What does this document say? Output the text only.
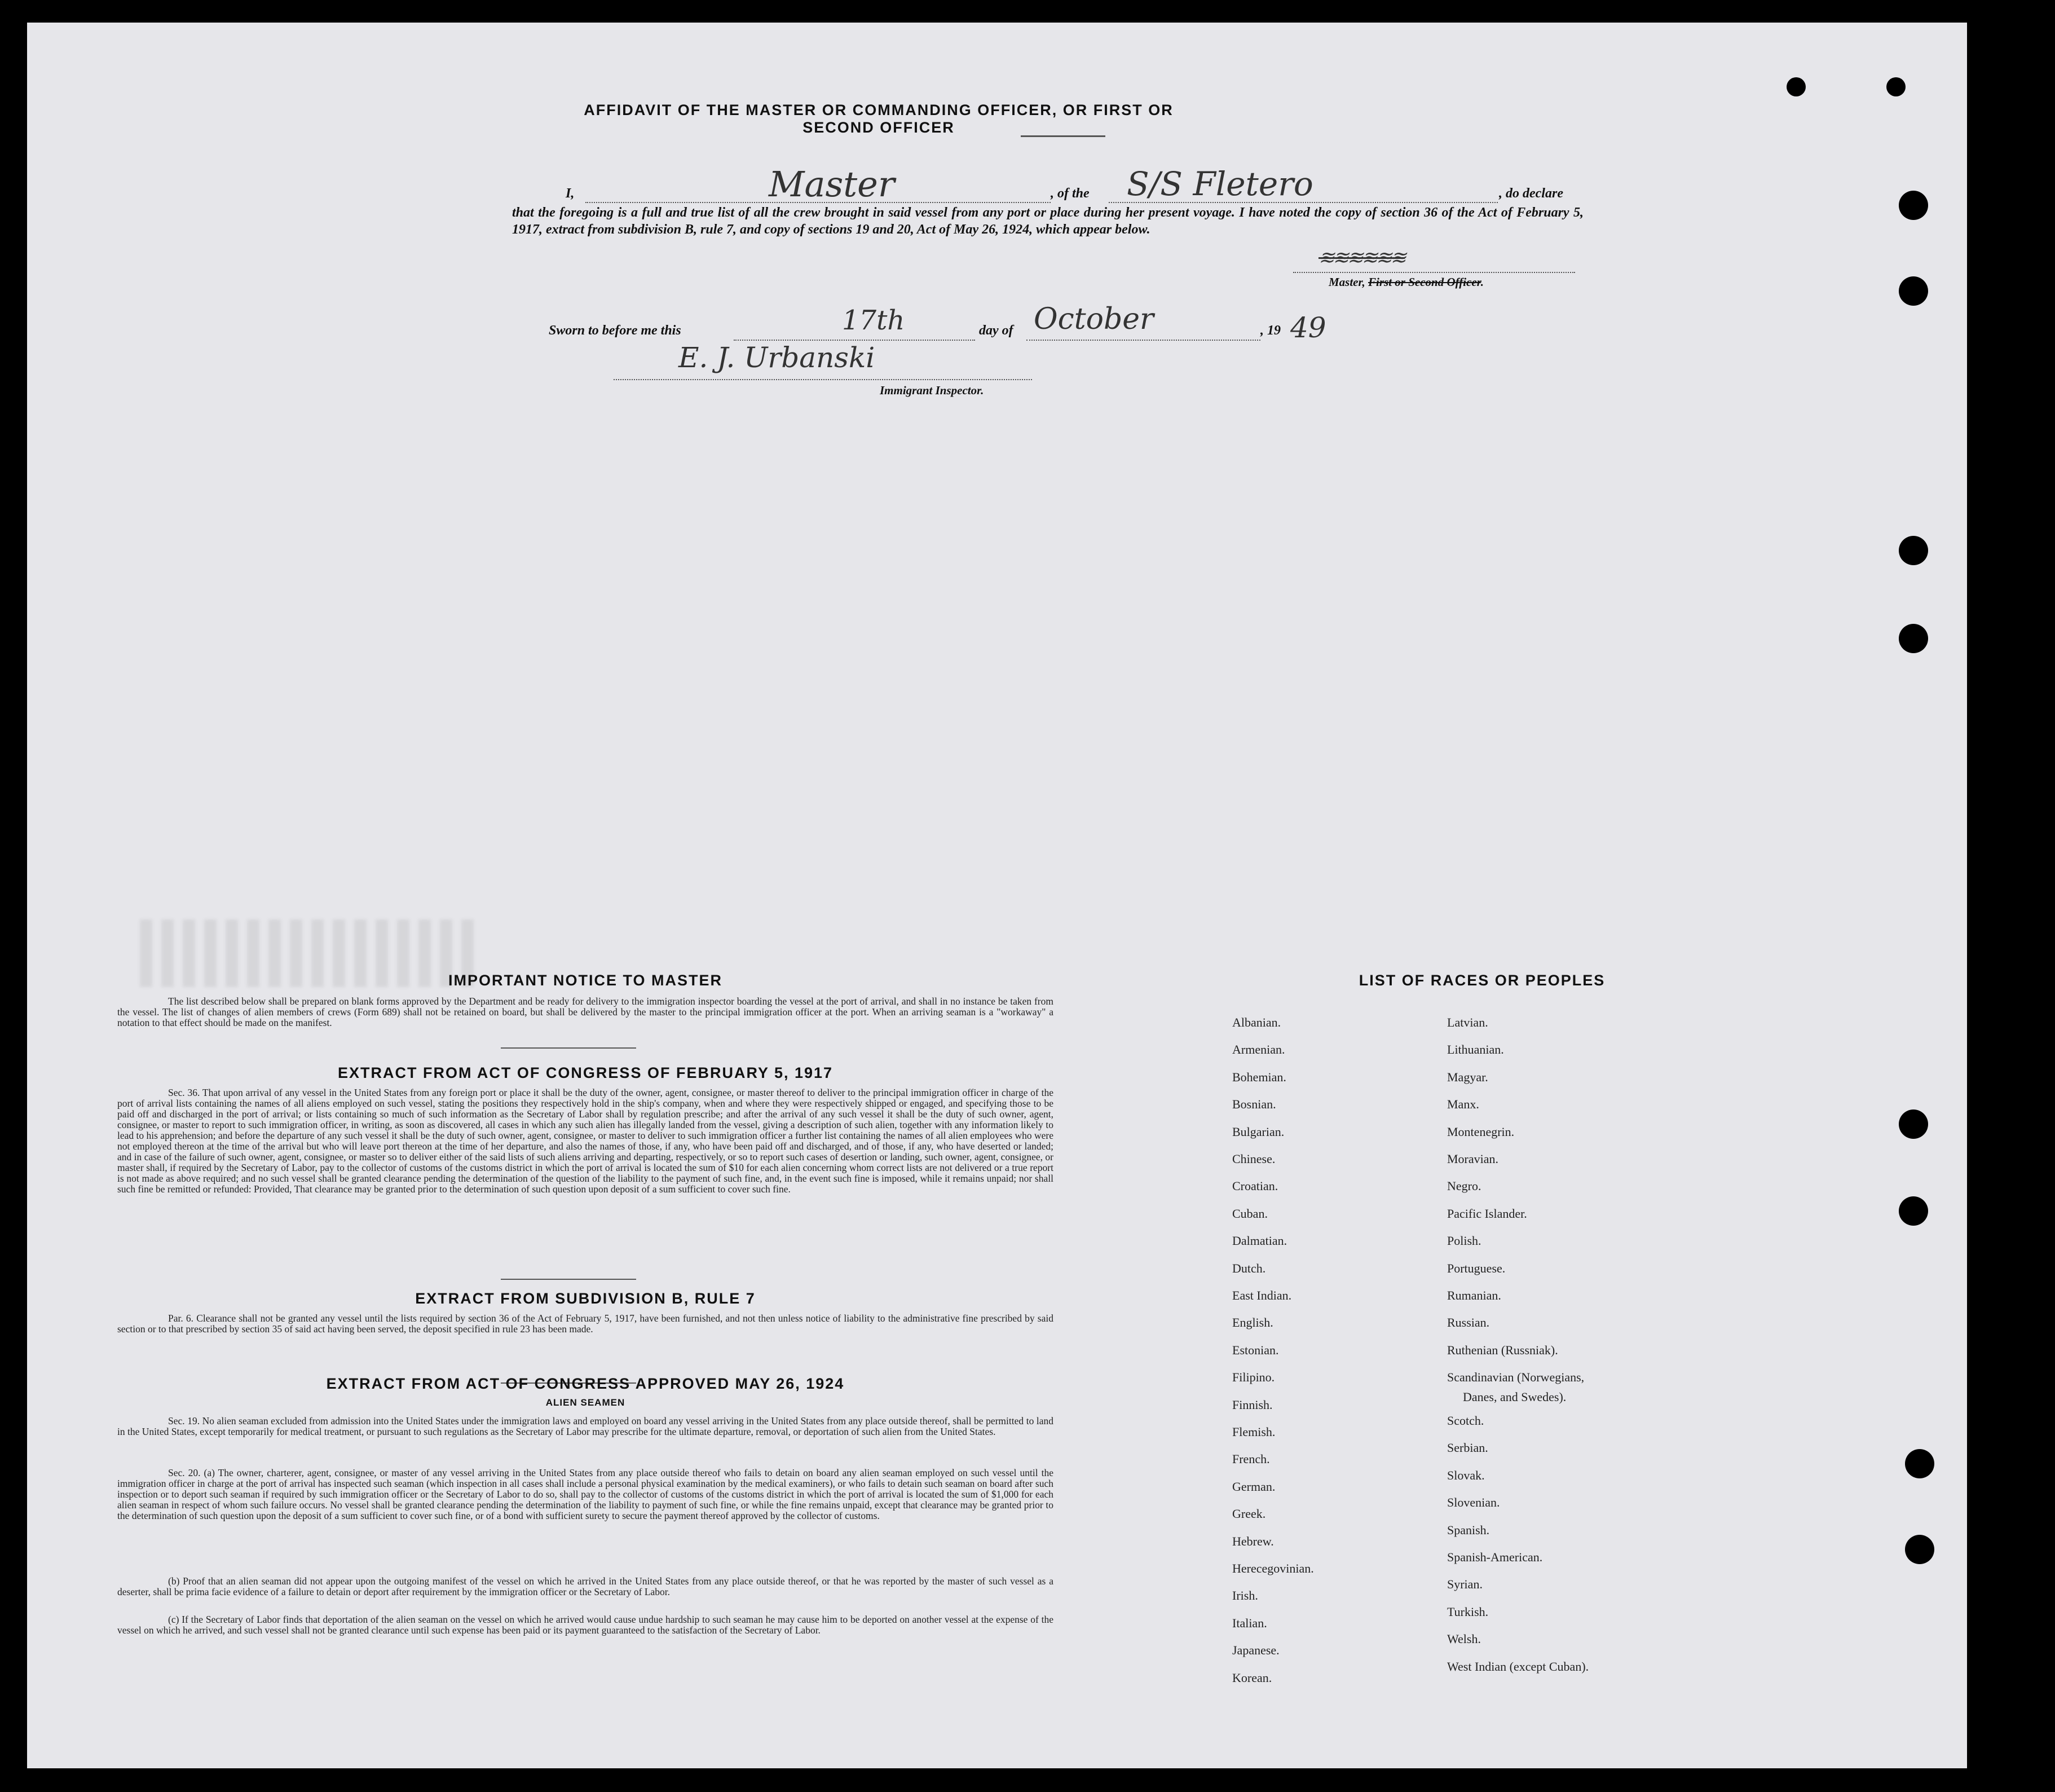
AFFIDAVIT OF THE MASTER OR COMMANDING OFFICER, OR FIRST OR SECOND OFFICER
I,	Master	, of the S/S Fletero	, do declare
that the foregoing is a full and true list of all the crew brought in said vessel from any port or place during her present voyage. I have noted the copy of section 36 of the Act of February 5, 1917, extract from subdivision B, rule 7, and copy of sections 19 and 20, Act of May 26, 1924, which appear below.
≋≋≋≋≋≋
Master, First or Second Officer.
Sworn to before me this	17th	day of October	, 19 49
E. J. Urbanski
Immigrant Inspector.
IMPORTANT NOTICE TO MASTER
The list described below shall be prepared on blank forms approved by the Department and be ready for delivery to the immigration inspector boarding the vessel at the port of arrival, and shall in no instance be taken from the vessel. The list of changes of alien members of crews (Form 689) shall not be retained on board, but shall be delivered by the master to the principal immigration officer at the port. When an arriving seaman is a "workaway" a notation to that effect should be made on the manifest.
EXTRACT FROM ACT OF CONGRESS OF FEBRUARY 5, 1917
Sec. 36. That upon arrival of any vessel in the United States from any foreign port or place it shall be the duty of the owner, agent, consignee, or master thereof to deliver to the principal immigration officer in charge of the port of arrival lists containing the names of all aliens employed on such vessel, stating the positions they respectively hold in the ship's company, when and where they were respectively shipped or engaged, and specifying those to be paid off and discharged in the port of arrival; or lists containing so much of such information as the Secretary of Labor shall by regulation prescribe; and after the arrival of any such vessel it shall be the duty of such owner, agent, consignee, or master to report to such immigration officer, in writing, as soon as discovered, all cases in which any such alien has illegally landed from the vessel, giving a description of such alien, together with any information likely to lead to his apprehension; and before the departure of any such vessel it shall be the duty of such owner, agent, consignee, or master to deliver to such immigration officer a further list containing the names of all alien employees who were not employed thereon at the time of the arrival but who will leave port thereon at the time of her departure, and also the names of those, if any, who have been paid off and discharged, and of those, if any, who have deserted or landed; and in case of the failure of such owner, agent, consignee, or master so to deliver either of the said lists of such aliens arriving and departing, respectively, or so to report such cases of desertion or landing, such owner, agent, consignee, or master shall, if required by the Secretary of Labor, pay to the collector of customs of the customs district in which the port of arrival is located the sum of $10 for each alien concerning whom correct lists are not delivered or a true report is not made as above required; and no such vessel shall be granted clearance pending the determination of the question of the liability to the payment of such fine, and, in the event such fine is imposed, while it remains unpaid; nor shall such fine be remitted or refunded: Provided, That clearance may be granted prior to the determination of such question upon deposit of a sum sufficient to cover such fine.
EXTRACT FROM SUBDIVISION B, RULE 7
Par. 6. Clearance shall not be granted any vessel until the lists required by section 36 of the Act of February 5, 1917, have been furnished, and not then unless notice of liability to the administrative fine prescribed by said section or to that prescribed by section 35 of said act having been served, the deposit specified in rule 23 has been made.
EXTRACT FROM ACT OF CONGRESS APPROVED MAY 26, 1924
ALIEN SEAMEN
Sec. 19. No alien seaman excluded from admission into the United States under the immigration laws and employed on board any vessel arriving in the United States from any place outside thereof, shall be permitted to land in the United States, except temporarily for medical treatment, or pursuant to such regulations as the Secretary of Labor may prescribe for the ultimate departure, removal, or deportation of such alien from the United States.
Sec. 20. (a) The owner, charterer, agent, consignee, or master of any vessel arriving in the United States from any place outside thereof who fails to detain on board any alien seaman employed on such vessel until the immigration officer in charge at the port of arrival has inspected such seaman (which inspection in all cases shall include a personal physical examination by the medical examiners), or who fails to detain such seaman on board after such inspection or to deport such seaman if required by such immigration officer or the Secretary of Labor to do so, shall pay to the collector of customs of the customs district in which the port of arrival is located the sum of $1,000 for each alien seaman in respect of whom such failure occurs. No vessel shall be granted clearance pending the determination of the liability to payment of such fine, or while the fine remains unpaid, except that clearance may be granted prior to the determination of such question upon the deposit of a sum sufficient to cover such fine, or of a bond with sufficient surety to secure the payment thereof approved by the collector of customs.
(b) Proof that an alien seaman did not appear upon the outgoing manifest of the vessel on which he arrived in the United States from any place outside thereof, or that he was reported by the master of such vessel as a deserter, shall be prima facie evidence of a failure to detain or deport after requirement by the immigration officer or the Secretary of Labor.
(c) If the Secretary of Labor finds that deportation of the alien seaman on the vessel on which he arrived would cause undue hardship to such seaman he may cause him to be deported on another vessel at the expense of the vessel on which he arrived, and such vessel shall not be granted clearance until such expense has been paid or its payment guaranteed to the satisfaction of the Secretary of Labor.
LIST OF RACES OR PEOPLES
Albanian.
Armenian.
Bohemian.
Bosnian.
Bulgarian.
Chinese.
Croatian.
Cuban.
Dalmatian.
Dutch.
East Indian.
English.
Estonian.
Filipino.
Finnish.
Flemish.
French.
German.
Greek.
Hebrew.
Herecegovinian.
Irish.
Italian.
Japanese.
Korean.
Latvian.
Lithuanian.
Magyar.
Manx.
Montenegrin.
Moravian.
Negro.
Pacific Islander.
Polish.
Portuguese.
Rumanian.
Russian.
Ruthenian (Russniak).
Scandinavian (Norwegians,
Danes, and Swedes).
Scotch.
Serbian.
Slovak.
Slovenian.
Spanish.
Spanish-American.
Syrian.
Turkish.
Welsh.
West Indian (except Cuban).
